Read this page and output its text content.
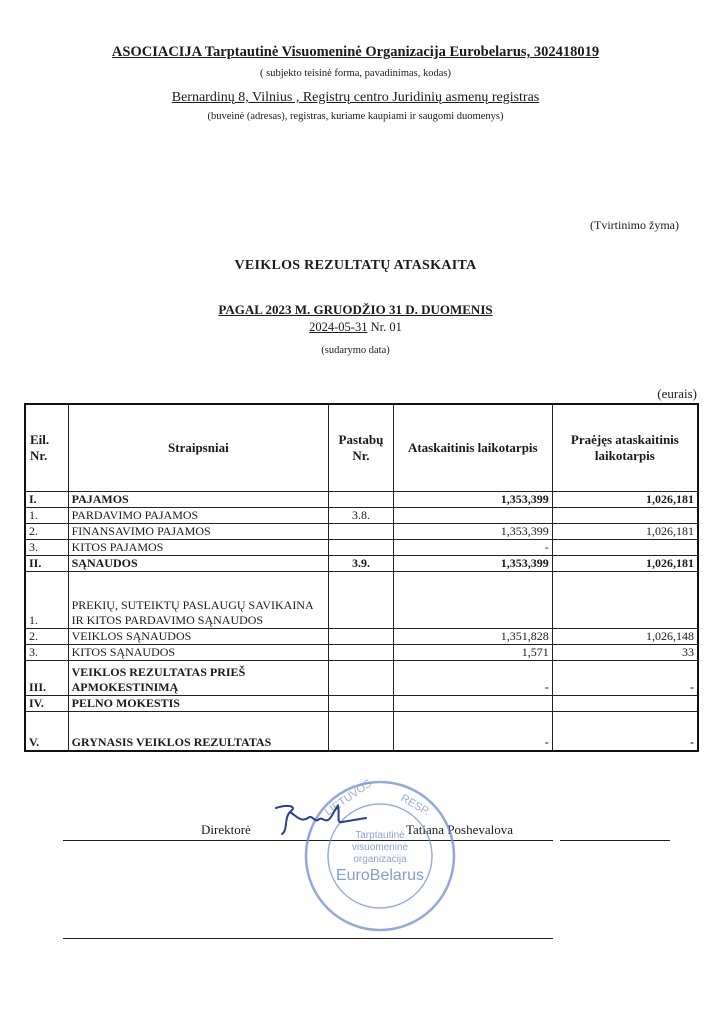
ASOCIACIJA Tarptautinė Visuomeninė Organizacija Eurobelarus, 302418019
( subjekto teisinė forma, pavadinimas, kodas)
Bernardinų 8, Vilnius , Registrų centro Juridinių asmenų registras
(buveinė (adresas), registras, kuriame kaupiami ir saugomi duomenys)
(Tvirtinimo žyma)
VEIKLOS REZULTATŲ ATASKAITA
PAGAL 2023 M. GRUODŽIO 31 D. DUOMENIS
2024-05-31 Nr. 01
(sudarymo data)
(eurais)
Eil. Nr.	Straipsniai	Pastabų Nr.	Ataskaitinis laikotarpis	Praėjęs ataskaitinis laikotarpis
I.	PAJAMOS		1,353,399	1,026,181
1.	PARDAVIMO PAJAMOS	3.8.		
2.	FINANSAVIMO PAJAMOS		1,353,399	1,026,181
3.	KITOS PAJAMOS		-	
II.	SĄNAUDOS	3.9.	1,353,399	1,026,181
1.	PREKIŲ, SUTEIKTŲ PASLAUGŲ SAVIKAINA IR KITOS PARDAVIMO SĄNAUDOS			
2.	VEIKLOS SĄNAUDOS		1,351,828	1,026,148
3.	KITOS SĄNAUDOS		1,571	33
III.	VEIKLOS REZULTATAS PRIEŠ APMOKESTINIMĄ		-	-
IV.	PELNO MOKESTIS			
V.	GRYNASIS VEIKLOS REZULTATAS		-	-
Direktorė	Tatiana Poshevalova
Tarptautinė
visuomeninė
organizacija
EuroBelarus
LIETUVOS RESP.
